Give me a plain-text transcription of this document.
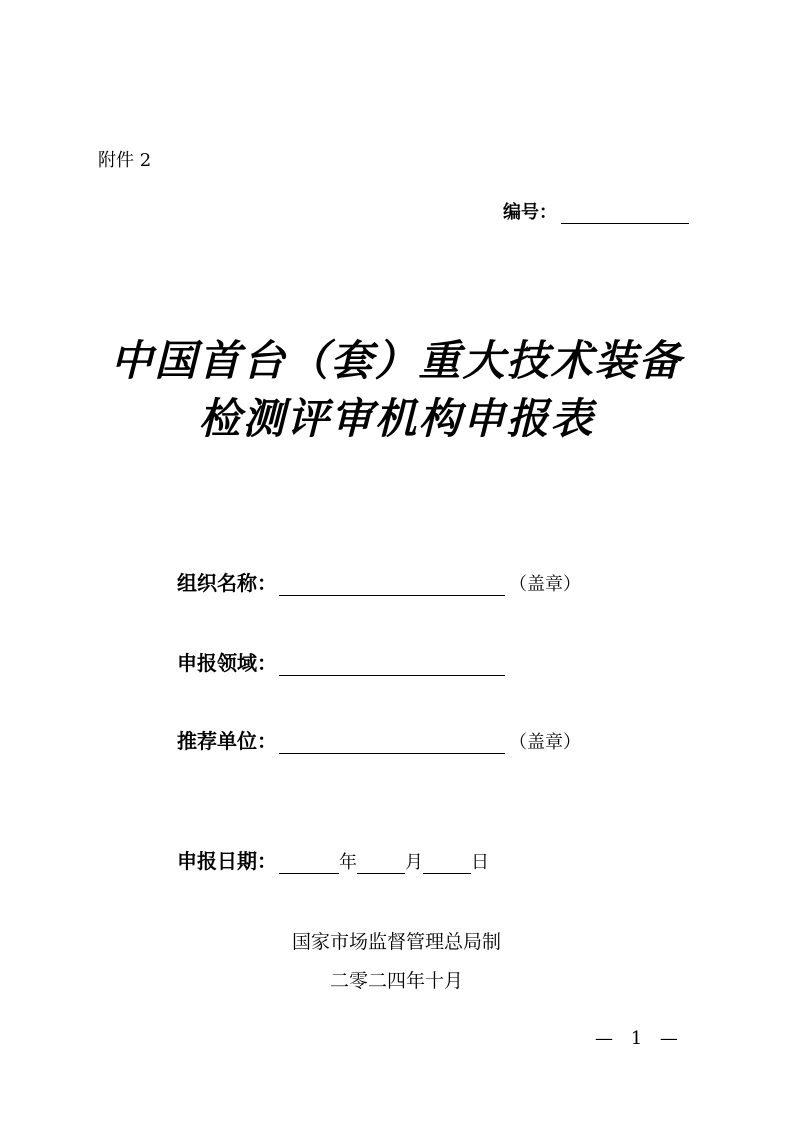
附件 2
编号：
中国首台（套）重大技术装备
检测评审机构申报表
组织名称：	（盖章）
申报领域：
推荐单位：	（盖章）
申报日期：	年	月	日
国家市场监督管理总局制
二零二四年十月
— 1 —
